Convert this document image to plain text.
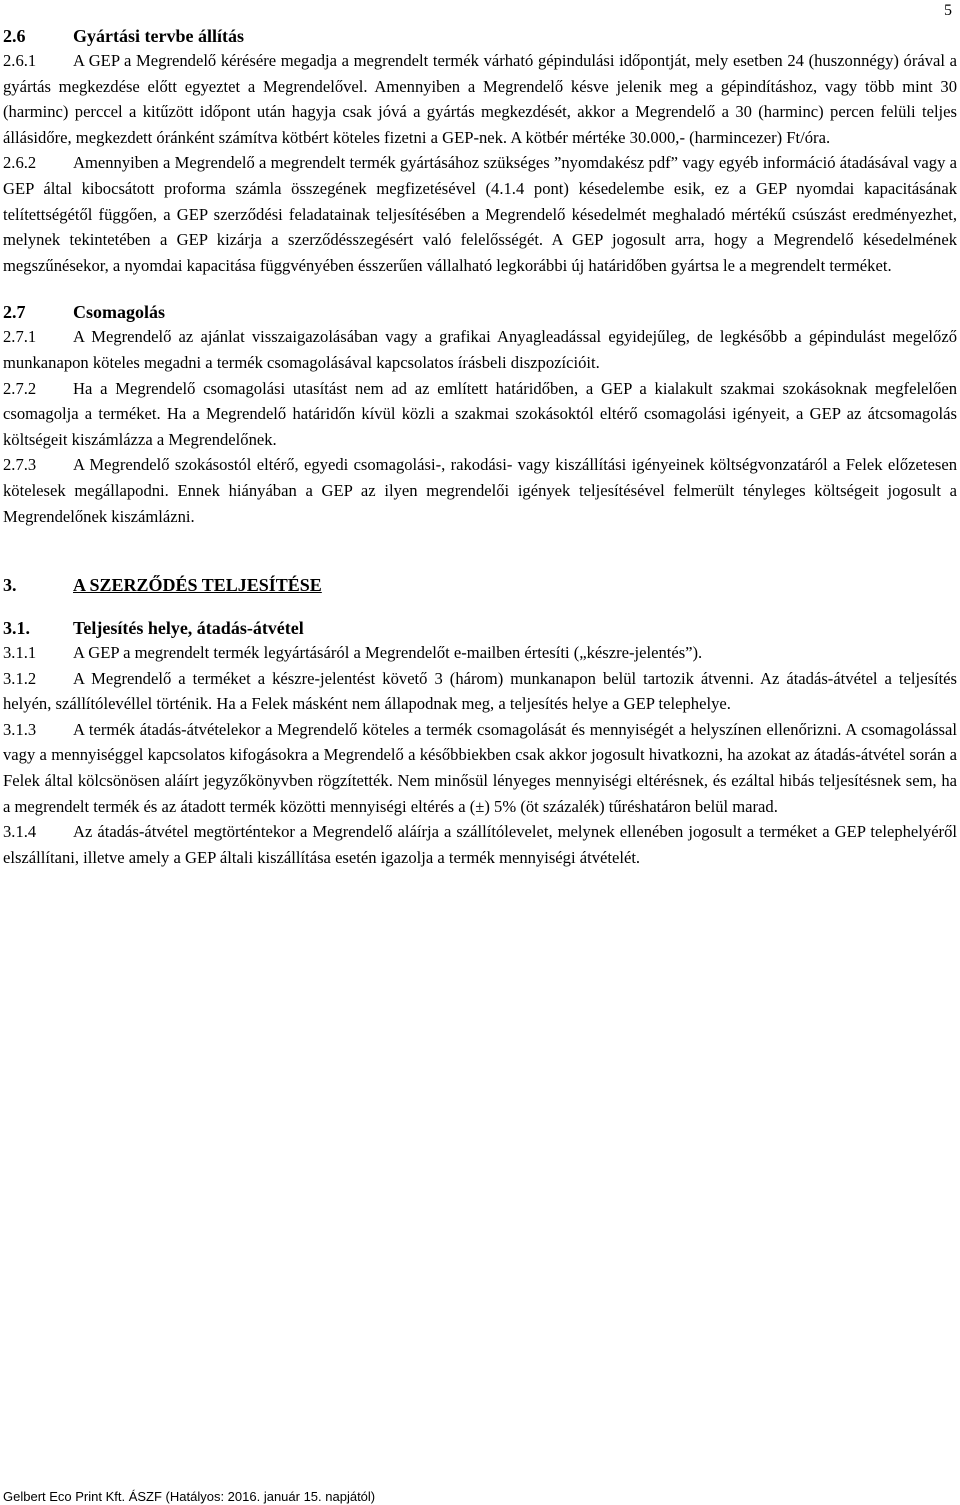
5
2.6	Gyártási tervbe állítás

2.6.1 A GEP a Megrendelő kérésére megadja a megrendelt termék várható gépindulási időpontját, mely esetben 24 (huszonnégy) órával a gyártás megkezdése előtt egyeztet a Megrendelővel. Amennyiben a Megrendelő késve jelenik meg a gépindításhoz, vagy több mint 30 (harminc) perccel a kitűzött időpont után hagyja csak jóvá a gyártás megkezdését, akkor a Megrendelő a 30 (harminc) percen felüli teljes állásidőre, megkezdett óránként számítva kötbért köteles fizetni a GEP-nek. A kötbér mértéke 30.000,- (harmincezer) Ft/óra.

2.6.2 Amennyiben a Megrendelő a megrendelt termék gyártásához szükséges ”nyomdakész pdf” vagy egyéb információ átadásával vagy a GEP által kibocsátott proforma számla összegének megfizetésével (4.1.4 pont) késedelembe esik, ez a GEP nyomdai kapacitásának telítettségétől függően, a GEP szerződési feladatainak teljesítésében a Megrendelő késedelmét meghaladó mértékű csúszást eredményezhet, melynek tekintetében a GEP kizárja a szerződésszegésért való felelősségét. A GEP jogosult arra, hogy a Megrendelő késedelmének megszűnésekor, a nyomdai kapacitása függvényében ésszerűen vállalható legkorábbi új határidőben gyártsa le a megrendelt terméket.

2.7	Csomagolás

2.7.1 A Megrendelő az ajánlat visszaigazolásában vagy a grafikai Anyagleadással egyidejűleg, de legkésőbb a gépindulást megelőző munkanapon köteles megadni a termék csomagolásával kapcsolatos írásbeli diszpozícióit.

2.7.2 Ha a Megrendelő csomagolási utasítást nem ad az említett határidőben, a GEP a kialakult szakmai szokásoknak megfelelően csomagolja a terméket. Ha a Megrendelő határidőn kívül közli a szakmai szokásoktól eltérő csomagolási igényeit, a GEP az átcsomagolás költségeit kiszámlázza a Megrendelőnek.

2.7.3 A Megrendelő szokásostól eltérő, egyedi csomagolási-, rakodási- vagy kiszállítási igényeinek költségvonzatáról a Felek előzetesen kötelesek megállapodni. Ennek hiányában a GEP az ilyen megrendelői igények teljesítésével felmerült tényleges költségeit jogosult a Megrendelőnek kiszámlázni.

3.	A SZERZŐDÉS TELJESÍTÉSE
3.1. Teljesítés helye, átadás-átvétel

3.1.1 A GEP a megrendelt termék legyártásáról a Megrendelőt e-mailben értesíti („készre-jelentés”).

3.1.2 A Megrendelő a terméket a készre-jelentést követő 3 (három) munkanapon belül tartozik átvenni. Az átadás-átvétel a teljesítés helyén, szállítólevéllel történik. Ha a Felek másként nem állapodnak meg, a teljesítés helye a GEP telephelye.

3.1.3 A termék átadás-átvételekor a Megrendelő köteles a termék csomagolását és mennyiségét a helyszínen ellenőrizni. A csomagolással vagy a mennyiséggel kapcsolatos kifogásokra a Megrendelő a későbbiekben csak akkor jogosult hivatkozni, ha azokat az átadás-átvétel során a Felek által kölcsönösen aláírt jegyzőkönyvben rögzítették. Nem minősül lényeges mennyiségi eltérésnek, és ezáltal hibás teljesítésnek sem, ha a megrendelt termék és az átadott termék közötti mennyiségi eltérés a (±) 5% (öt százalék) tűréshatáron belül marad.

3.1.4 Az átadás-átvétel megtörténtekor a Megrendelő aláírja a szállítólevelet, melynek ellenében jogosult a terméket a GEP telephelyéről elszállítani, illetve amely a GEP általi kiszállítása esetén igazolja a termék mennyiségi átvételét.

Gelbert Eco Print Kft. ÁSZF (Hatályos: 2016. január 15. napjától)
